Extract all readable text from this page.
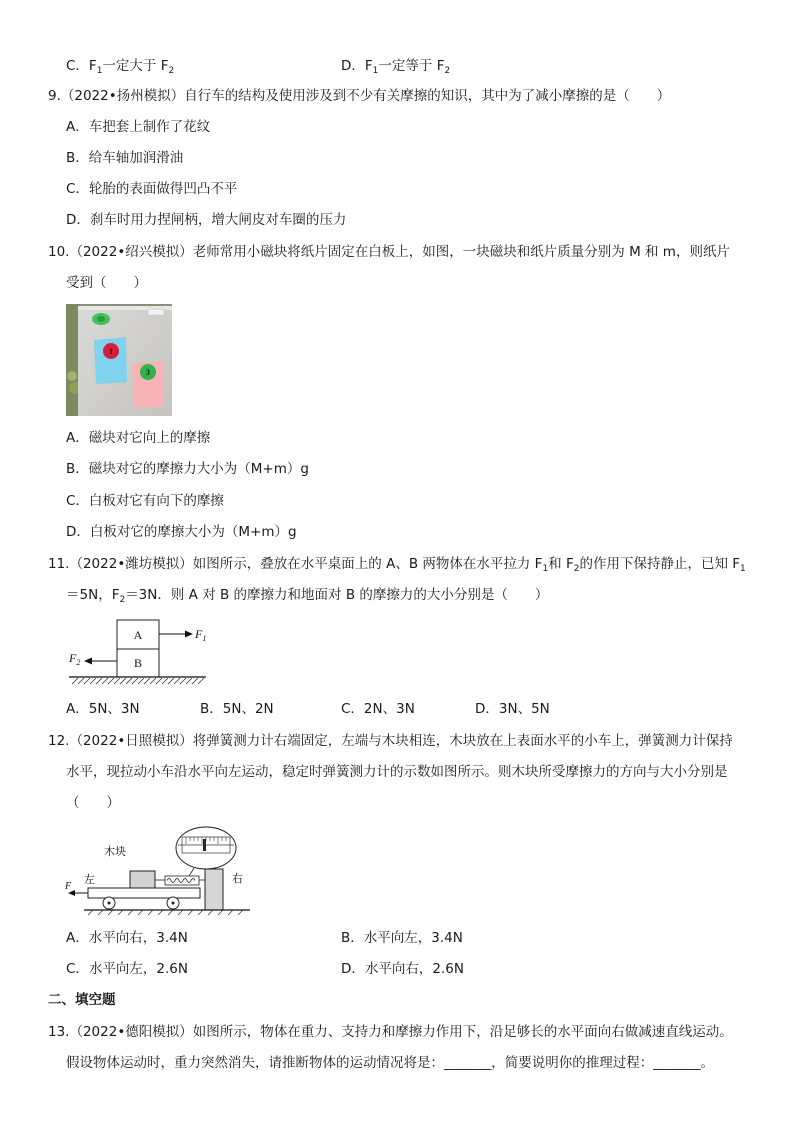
C．$F_1$一定大于 $F_2$	D．$F_1$一定等于 $F_2$
9.（2022•扬州模拟）自行车的结构及使用涉及到不少有关摩擦的知识，其中为了减小摩擦的是（　　）
A．车把套上制作了花纹
B．给车轴加润滑油
C．轮胎的表面做得凹凸不平
D．刹车时用力捏闸柄，增大闸皮对车圈的压力
10.（2022•绍兴模拟）老师常用小磁块将纸片固定在白板上，如图，一块磁块和纸片质量分别为 M 和 m，则纸片
受到（　　）
1
3
A．磁块对它向上的摩擦
B．磁块对它的摩擦力大小为（M+m）g
C．白板对它有向下的摩擦
D．白板对它的摩擦大小为（M+m）g
11.（2022•潍坊模拟）如图所示，叠放在水平桌面上的 A、B 两物体在水平拉力 $F_1$和 $F_2$的作用下保持静止，已知 $F_1$
＝5N，$F_2=3N$．则 A 对 B 的摩擦力和地面对 B 的摩擦力的大小分别是（　　）
A
B
$F_1$
$F_2$
A．5N、3N	B．5N、2N	C．2N、3N	D．3N、5N
12.（2022•日照模拟）将弹簧测力计右端固定，左端与木块相连，木块放在上表面水平的小车上，弹簧测力计保持
水平，现拉动小车沿水平向左运动，稳定时弹簧测力计的示数如图所示。则木块所受摩擦力的方向与大小分别是
（　　）
木块
左	右
F
A．水平向右，3.4N	B．水平向左，3.4N
C．水平向左，2.6N	D．水平向右，2.6N
二、填空题
13.（2022•德阳模拟）如图所示，物体在重力、支持力和摩擦力作用下，沿足够长的水平面向右做减速直线运动。
假设物体运动时，重力突然消失，请推断物体的运动情况将是：_______，简要说明你的推理过程：_______。
